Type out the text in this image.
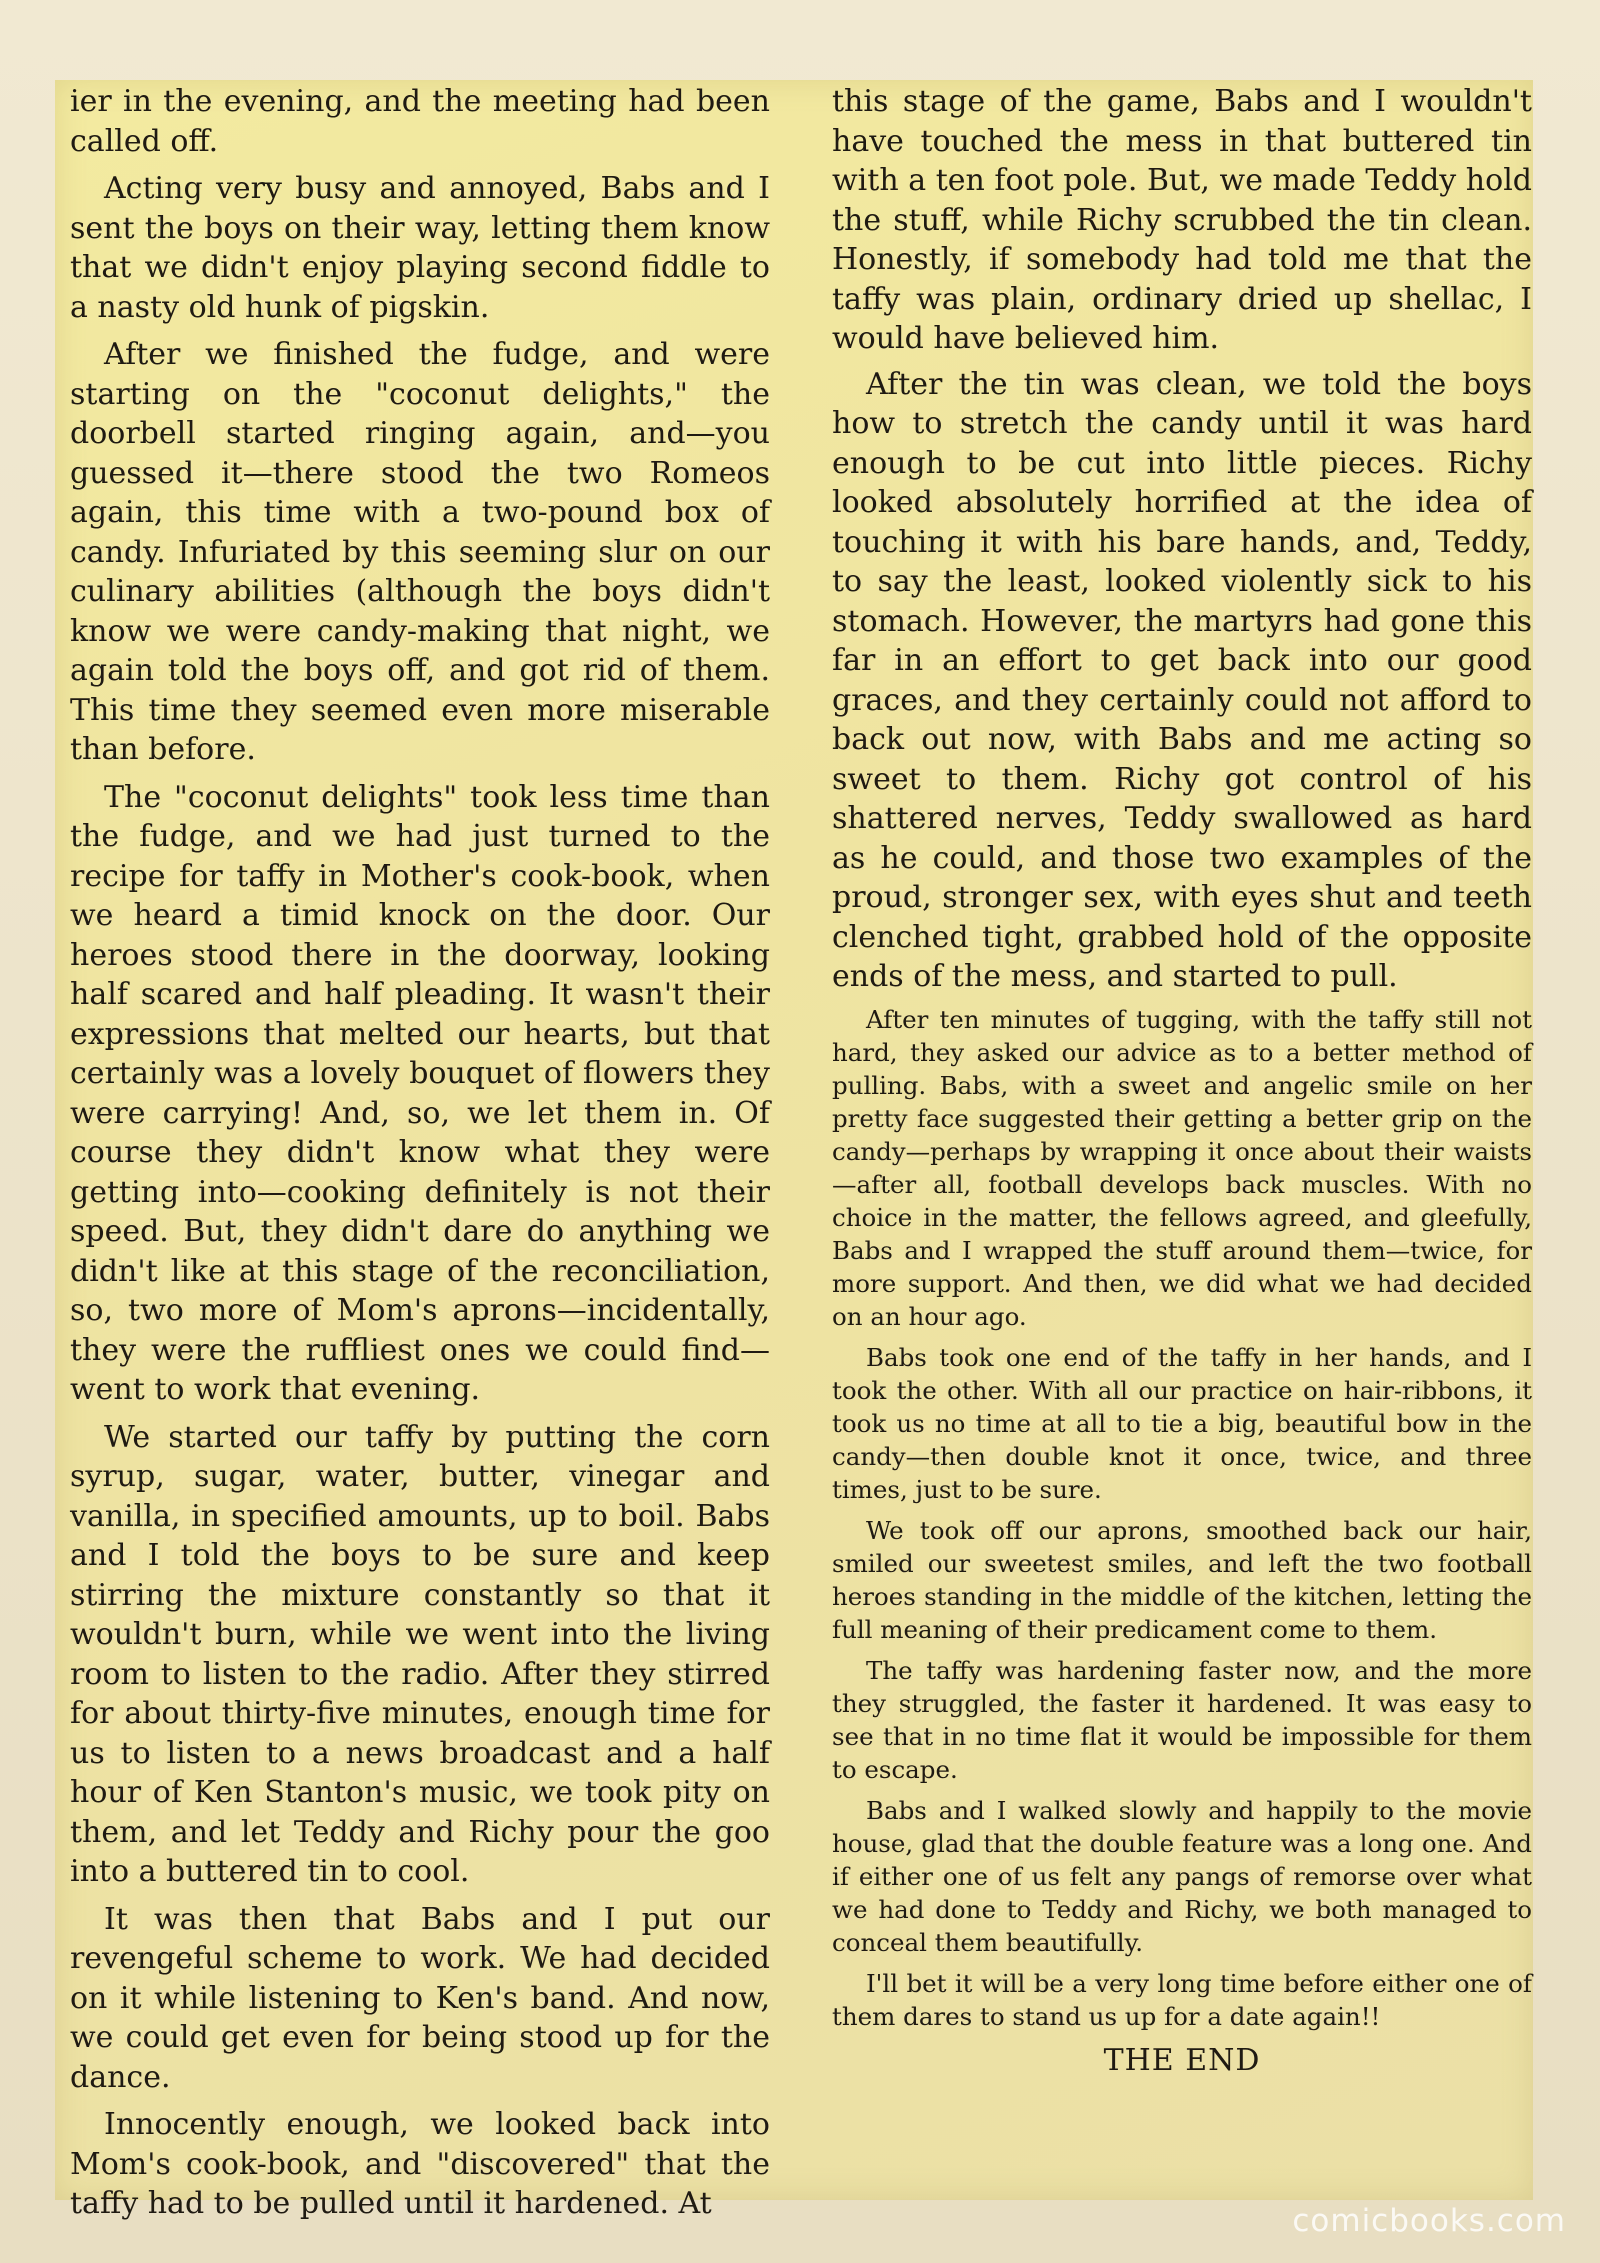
ier in the evening, and the meeting had been called off.

Acting very busy and annoyed, Babs and I sent the boys on their way, letting them know that we didn't enjoy playing second fiddle to a nasty old hunk of pigskin.

After we finished the fudge, and were starting on the "coconut delights," the doorbell started ringing again, and—you guessed it—there stood the two Romeos again, this time with a two-pound box of candy. Infuriated by this seeming slur on our culinary abilities (although the boys didn't know we were candy-making that night, we again told the boys off, and got rid of them. This time they seemed even more miserable than before.

The "coconut delights" took less time than the fudge, and we had just turned to the recipe for taffy in Mother's cook-book, when we heard a timid knock on the door. Our heroes stood there in the doorway, looking half scared and half pleading. It wasn't their expressions that melted our hearts, but that certainly was a lovely bouquet of flowers they were carrying! And, so, we let them in. Of course they didn't know what they were getting into—cooking definitely is not their speed. But, they didn't dare do anything we didn't like at this stage of the reconciliation, so, two more of Mom's aprons—incidentally, they were the ruffliest ones we could find—went to work that evening.

We started our taffy by putting the corn syrup, sugar, water, butter, vinegar and vanilla, in specified amounts, up to boil. Babs and I told the boys to be sure and keep stirring the mixture constantly so that it wouldn't burn, while we went into the living room to listen to the radio. After they stirred for about thirty-five minutes, enough time for us to listen to a news broadcast and a half hour of Ken Stanton's music, we took pity on them, and let Teddy and Richy pour the goo into a buttered tin to cool.

It was then that Babs and I put our revengeful scheme to work. We had decided on it while listening to Ken's band. And now, we could get even for being stood up for the dance.

Innocently enough, we looked back into Mom's cook-book, and "discovered" that the taffy had to be pulled until it hardened. At

this stage of the game, Babs and I wouldn't have touched the mess in that buttered tin with a ten foot pole. But, we made Teddy hold the stuff, while Richy scrubbed the tin clean. Honestly, if somebody had told me that the taffy was plain, ordinary dried up shellac, I would have believed him.

After the tin was clean, we told the boys how to stretch the candy until it was hard enough to be cut into little pieces. Richy looked absolutely horrified at the idea of touching it with his bare hands, and, Teddy, to say the least, looked violently sick to his stomach. However, the martyrs had gone this far in an effort to get back into our good graces, and they certainly could not afford to back out now, with Babs and me acting so sweet to them. Richy got control of his shattered nerves, Teddy swallowed as hard as he could, and those two examples of the proud, stronger sex, with eyes shut and teeth clenched tight, grabbed hold of the opposite ends of the mess, and started to pull.

After ten minutes of tugging, with the taffy still not hard, they asked our advice as to a better method of pulling. Babs, with a sweet and angelic smile on her pretty face suggested their getting a better grip on the candy—perhaps by wrapping it once about their waists—after all, football develops back muscles. With no choice in the matter, the fellows agreed, and gleefully, Babs and I wrapped the stuff around them—twice, for more support. And then, we did what we had decided on an hour ago.

Babs took one end of the taffy in her hands, and I took the other. With all our practice on hair-ribbons, it took us no time at all to tie a big, beautiful bow in the candy—then double knot it once, twice, and three times, just to be sure.

We took off our aprons, smoothed back our hair, smiled our sweetest smiles, and left the two football heroes standing in the middle of the kitchen, letting the full meaning of their predicament come to them.

The taffy was hardening faster now, and the more they struggled, the faster it hardened. It was easy to see that in no time flat it would be impossible for them to escape.

Babs and I walked slowly and happily to the movie house, glad that the double feature was a long one. And if either one of us felt any pangs of remorse over what we had done to Teddy and Richy, we both managed to conceal them beautifully.

I'll bet it will be a very long time before either one of them dares to stand us up for a date again!!

THE END
comicbooks.com
